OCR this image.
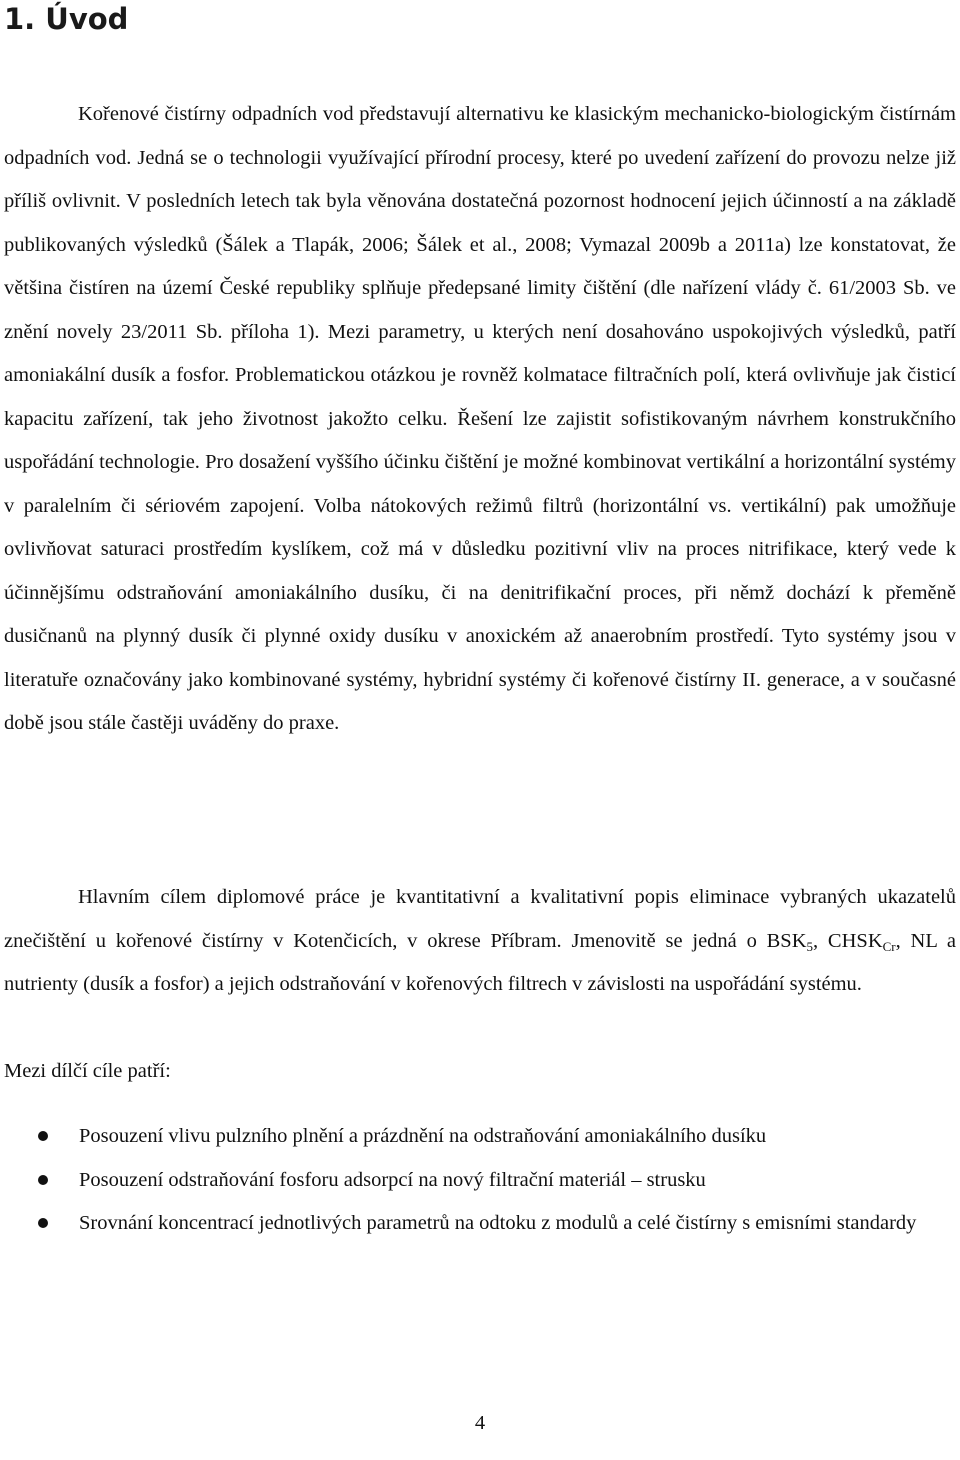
1. Úvod

Kořenové čistírny odpadních vod představují alternativu ke klasickým mechanicko-biologickým čistírnám odpadních vod. Jedná se o technologii využívající přírodní procesy, které po uvedení zařízení do provozu nelze již příliš ovlivnit. V posledních letech tak byla věnována dostatečná pozornost hodnocení jejich účinností a na základě publikovaných výsledků (Šálek a Tlapák, 2006; Šálek et al., 2008; Vymazal 2009b a 2011a) lze konstatovat, že většina čistíren na území České republiky splňuje předepsané limity čištění (dle nařízení vlády č. 61/2003 Sb. ve znění novely 23/2011 Sb. příloha 1). Mezi parametry, u kterých není dosahováno uspokojivých výsledků, patří amoniakální dusík a fosfor. Problematickou otázkou je rovněž kolmatace filtračních polí, která ovlivňuje jak čisticí kapacitu zařízení, tak jeho životnost jakožto celku. Řešení lze zajistit sofistikovaným návrhem konstrukčního uspořádání technologie. Pro dosažení vyššího účinku čištění je možné kombinovat vertikální a horizontální systémy v paralelním či sériovém zapojení. Volba nátokových režimů filtrů (horizontální vs. vertikální) pak umožňuje ovlivňovat saturaci prostředím kyslíkem, což má v důsledku pozitivní vliv na proces nitrifikace, který vede k účinnějšímu odstraňování amoniakálního dusíku, či na denitrifikační proces, při němž dochází k přeměně dusičnanů na plynný dusík či plynné oxidy dusíku v anoxickém až anaerobním prostředí. Tyto systémy jsou v literatuře označovány jako kombinované systémy, hybridní systémy či kořenové čistírny II. generace, a v současné době jsou stále častěji uváděny do praxe.

Hlavním cílem diplomové práce je kvantitativní a kvalitativní popis eliminace vybraných ukazatelů znečištění u kořenové čistírny v Kotenčicích, v okrese Příbram. Jmenovitě se jedná o $BSK_5$, $CHSK_{Cr}$, NL a nutrienty (dusík a fosfor) a jejich odstraňování v kořenových filtrech v závislosti na uspořádání systému.

Mezi dílčí cíle patří:

Posouzení vlivu pulzního plnění a prázdnění na odstraňování amoniakálního dusíku
Posouzení odstraňování fosforu adsorpcí na nový filtrační materiál – strusku
Srovnání koncentrací jednotlivých parametrů na odtoku z modulů a celé čistírny s emisními standardy
4
